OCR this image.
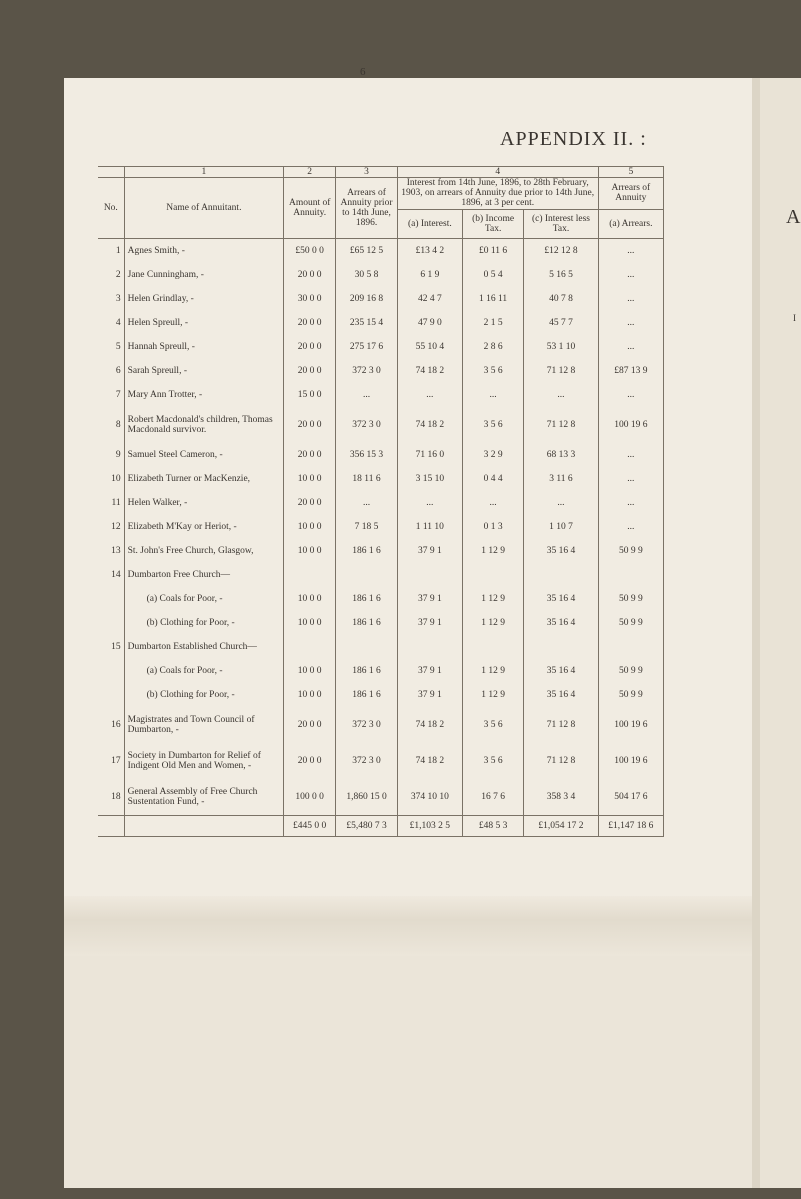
A
I
6
APPENDIX II. :
	1	2	3	4			5
No.	Name of Annuitant.	Amount of Annuity.	Arrears of Annuity prior to 14th June, 1896.	Interest from 14th June, 1896, to 28th February, 1903, on arrears of Annuity due prior to 14th June, 1896, at 3 per cent.			Arrears of Annuity
				(a) Interest.	(b) Income Tax.	(c) Interest less Tax.	(a) Arrears.
1	Agnes Smith, -	£50 0 0	£65 12 5	£13 4 2	£0 11 6	£12 12 8	...
2	Jane Cunningham, -	20 0 0	30 5 8	6 1 9	0 5 4	5 16 5	...
3	Helen Grindlay, -	30 0 0	209 16 8	42 4 7	1 16 11	40 7 8	...
4	Helen Spreull, -	20 0 0	235 15 4	47 9 0	2 1 5	45 7 7	...
5	Hannah Spreull, -	20 0 0	275 17 6	55 10 4	2 8 6	53 1 10	...
6	Sarah Spreull, -	20 0 0	372 3 0	74 18 2	3 5 6	71 12 8	£87 13 9
7	Mary Ann Trotter, -	15 0 0	...	...	...	...	...
8	Robert Macdonald's children, Thomas Macdonald survivor.	20 0 0	372 3 0	74 18 2	3 5 6	71 12 8	100 19 6
9	Samuel Steel Cameron, -	20 0 0	356 15 3	71 16 0	3 2 9	68 13 3	...
10	Elizabeth Turner or MacKenzie,	10 0 0	18 11 6	3 15 10	0 4 4	3 11 6	...
11	Helen Walker, -	20 0 0	...	...	...	...	...
12	Elizabeth M'Kay or Heriot, -	10 0 0	7 18 5	1 11 10	0 1 3	1 10 7	...
13	St. John's Free Church, Glasgow,	10 0 0	186 1 6	37 9 1	1 12 9	35 16 4	50 9 9
14	Dumbarton Free Church—						
	(a) Coals for Poor, -	10 0 0	186 1 6	37 9 1	1 12 9	35 16 4	50 9 9
	(b) Clothing for Poor, -	10 0 0	186 1 6	37 9 1	1 12 9	35 16 4	50 9 9
15	Dumbarton Established Church—						
	(a) Coals for Poor, -	10 0 0	186 1 6	37 9 1	1 12 9	35 16 4	50 9 9
	(b) Clothing for Poor, -	10 0 0	186 1 6	37 9 1	1 12 9	35 16 4	50 9 9
16	Magistrates and Town Council of Dumbarton, -	20 0 0	372 3 0	74 18 2	3 5 6	71 12 8	100 19 6
17	Society in Dumbarton for Relief of Indigent Old Men and Women, -	20 0 0	372 3 0	74 18 2	3 5 6	71 12 8	100 19 6
18	General Assembly of Free Church Sustentation Fund, -	100 0 0	1,860 15 0	374 10 10	16 7 6	358 3 4	504 17 6
		£445 0 0	£5,480 7 3	£1,103 2 5	£48 5 3	£1,054 17 2	£1,147 18 6
